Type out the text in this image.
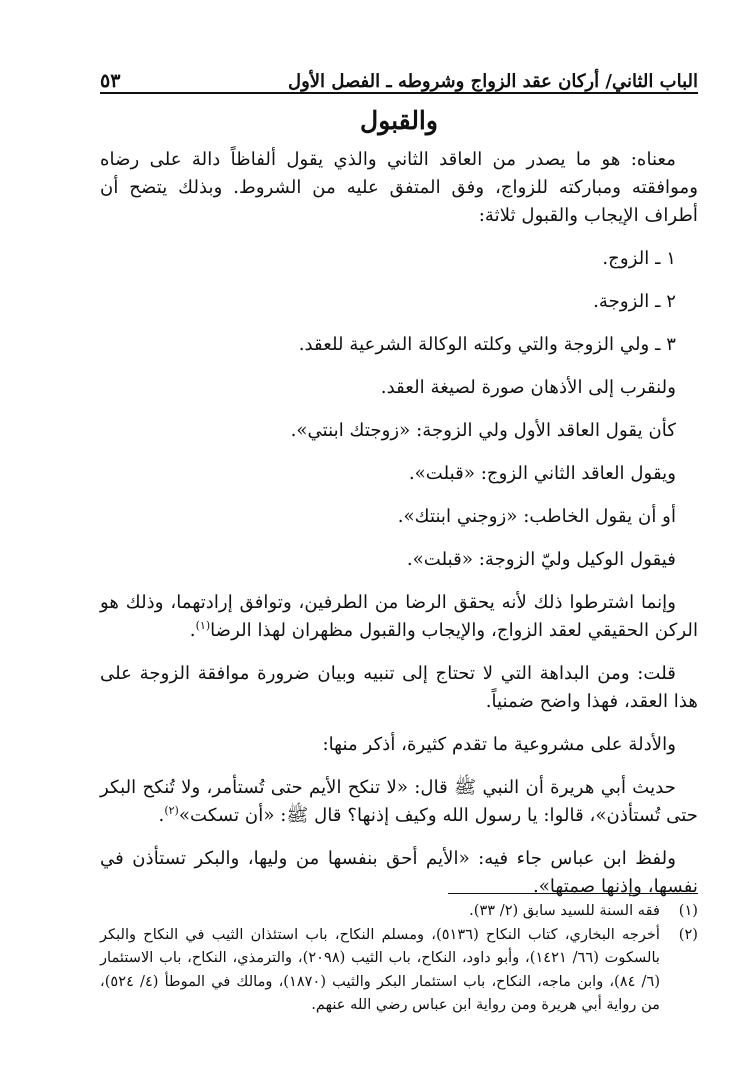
الباب الثاني/ أركان عقد الزواج وشروطه ـ الفصل الأول
٥٣
والقبول

معناه: هو ما يصدر من العاقد الثاني والذي يقول ألفاظاً دالة على رضاه وموافقته ومباركته للزواج، وفق المتفق عليه من الشروط. وبذلك يتضح أن أطراف الإيجاب والقبول ثلاثة:

١ ـ الزوج.

٢ ـ الزوجة.

٣ ـ ولي الزوجة والتي وكلته الوكالة الشرعية للعقد.

ولنقرب إلى الأذهان صورة لصيغة العقد.

كأن يقول العاقد الأول ولي الزوجة: «زوجتك ابنتي».

ويقول العاقد الثاني الزوج: «قبلت».

أو أن يقول الخاطب: «زوجني ابنتك».

فيقول الوكيل وليّ الزوجة: «قبلت».

وإنما اشترطوا ذلك لأنه يحقق الرضا من الطرفين، وتوافق إرادتهما، وذلك هو الركن الحقيقي لعقد الزواج، والإيجاب والقبول مظهران لهذا الرضا$^{(١)}$.

قلت: ومن البداهة التي لا تحتاج إلى تنبيه وبيان ضرورة موافقة الزوجة على هذا العقد، فهذا واضح ضمنياً.

والأدلة على مشروعية ما تقدم كثيرة، أذكر منها:

حديث أبي هريرة أن النبي ﷺ قال: «لا تنكح الأيم حتى تُستأمر، ولا تُنكح البكر حتى تُستأذن»، قالوا: يا رسول الله وكيف إذنها؟ قال ﷺ: «أن تسكت»$^{(٢)}$.

ولفظ ابن عباس جاء فيه: «الأيم أحق بنفسها من وليها، والبكر تستأذن في نفسها، وإذنها صمتها».

(١)
فقه السنة للسيد سابق (٢/ ٣٣).
(٢)
أخرجه البخاري، كتاب النكاح (٥١٣٦)، ومسلم النكاح، باب استئذان الثيب في النكاح والبكر بالسكوت (٦٦/ ١٤٢١)، وأبو داود، النكاح، باب الثيب (٢٠٩٨)، والترمذي، النكاح، باب الاستئمار (٦/ ٨٤)، وابن ماجه، النكاح، باب استئمار البكر والثيب (١٨٧٠)، ومالك في الموطأ (٤/ ٥٢٤)، من رواية أبي هريرة ومن رواية ابن عباس رضي الله عنهم.
